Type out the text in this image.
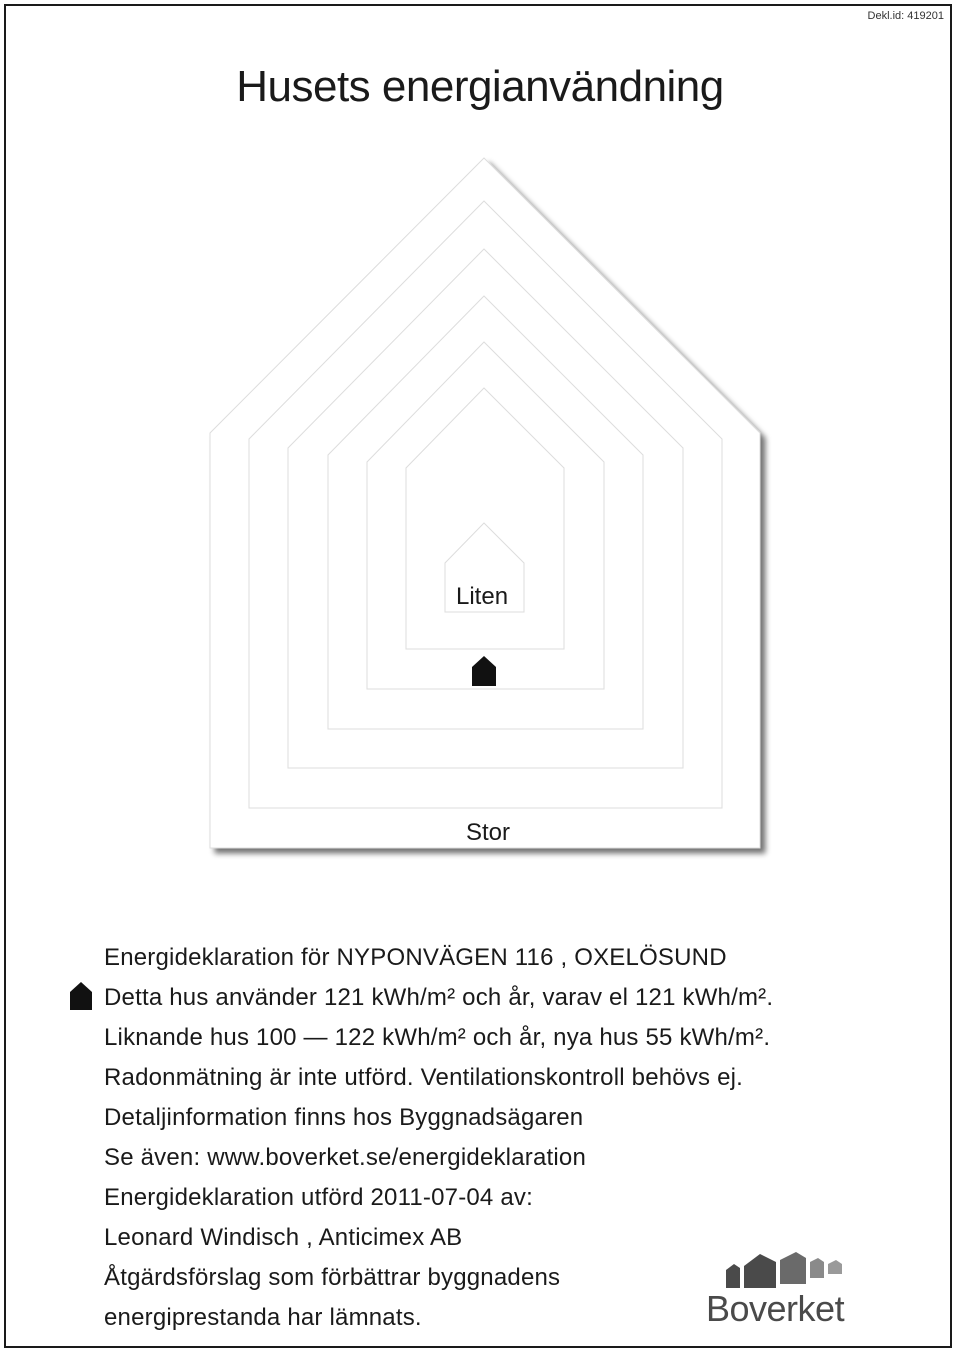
Dekl.id: 419201
Husets energianvändning
Liten
Stor
Energideklaration för NYPONVÄGEN 116 , OXELÖSUND
Detta hus använder 121 kWh/m² och år, varav el 121 kWh/m².
Liknande hus 100 — 122 kWh/m² och år, nya hus 55 kWh/m².
Radonmätning är inte utförd. Ventilationskontroll behövs ej.
Detaljinformation finns hos Byggnadsägaren
Se även: www.boverket.se/energideklaration
Energideklaration utförd 2011-07-04 av:
Leonard Windisch , Anticimex AB
Åtgärdsförslag som förbättrar byggnadens
energiprestanda har lämnats.	Boverket
